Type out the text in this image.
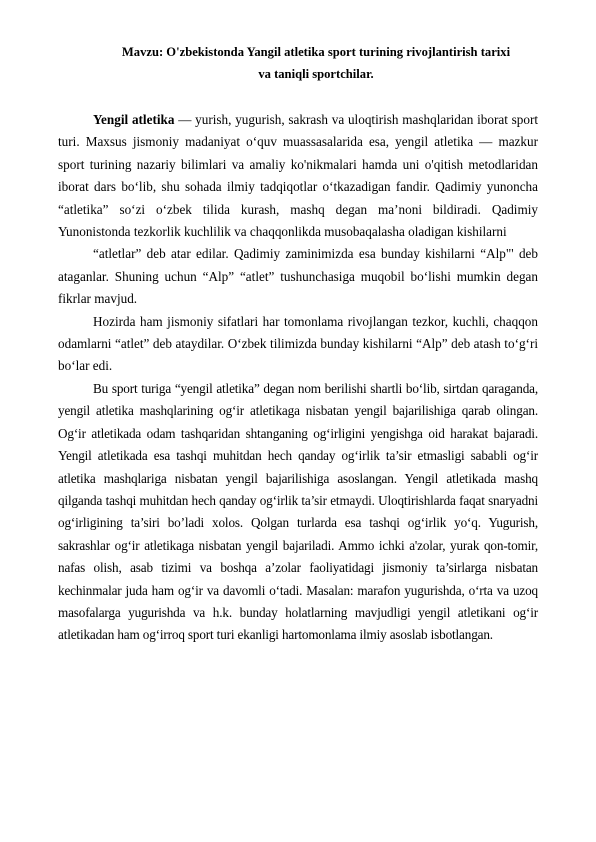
Mavzu: O'zbekistonda Yangil atletika sport turining rivojlantirish tarixi
va taniqli sportchilar.

Yengil atletika — yurish, yugurish, sakrash va uloqtirish mashqlaridan iborat sport turi. Maxsus jismoniy madaniyat o‘quv muassasalarida esa, yengil atletika — mazkur sport turining nazariy bilimlari va amaliy ko'nikmalari hamda uni o'qitish metodlaridan iborat dars bo‘lib, shu sohada ilmiy tadqiqotlar o‘tkazadigan fandir. Qadimiy yunoncha “atletika” so‘zi o‘zbek tilida kurash, mashq degan ma’noni bildiradi. Qadimiy Yunonistonda tezkorlik kuchlilik va chaqqonlikda musobaqalasha oladigan kishilarni

“atletlar” deb atar edilar. Qadimiy zaminimizda esa bunday kishilarni “Alp"' deb ataganlar. Shuning uchun “Alp” “atlet” tushunchasiga muqobil bo‘lishi mumkin degan fikrlar mavjud.

Hozirda ham jismoniy sifatlari har tomonlama rivojlangan tezkor, kuchli, chaqqon odamlarni “atlet” deb ataydilar. O‘zbek tilimizda bunday kishilarni “Alp” deb atash to‘g‘ri bo‘lar edi.

Bu sport turiga “yengil atletika” degan nom berilishi shartli bo‘lib, sirtdan qaraganda, yengil atletika mashqlarining og‘ir atletikaga nisbatan yengil bajarilishiga qarab olingan. Og‘ir atletikada odam tashqaridan shtanganing og‘irligini yengishga oid harakat bajaradi. Yengil atletikada esa tashqi muhitdan hech qanday og‘irlik ta’sir etmasligi sababli og‘ir atletika mashqlariga nisbatan yengil bajarilishiga asoslangan. Yengil atletikada mashq qilganda tashqi muhitdan hech qanday og‘irlik ta’sir etmaydi. Uloqtirishlarda faqat snaryadni og‘irligining ta’siri bo’ladi xolos. Qolgan turlarda esa tashqi og‘irlik yo‘q. Yugurish, sakrashlar og‘ir atletikaga nisbatan yengil bajariladi. Ammo ichki a'zolar, yurak qon-tomir, nafas olish, asab tizimi va boshqa a’zolar faoliyatidagi jismoniy ta’sirlarga nisbatan kechinmalar juda ham og‘ir va davomli o‘tadi. Masalan: marafon yugurishda, o‘rta va uzoq masofalarga yugurishda va h.k. bunday holatlarning mavjudligi yengil atletikani og‘ir atletikadan ham og‘irroq sport turi ekanligi hartomonlama ilmiy asoslab isbotlangan.
